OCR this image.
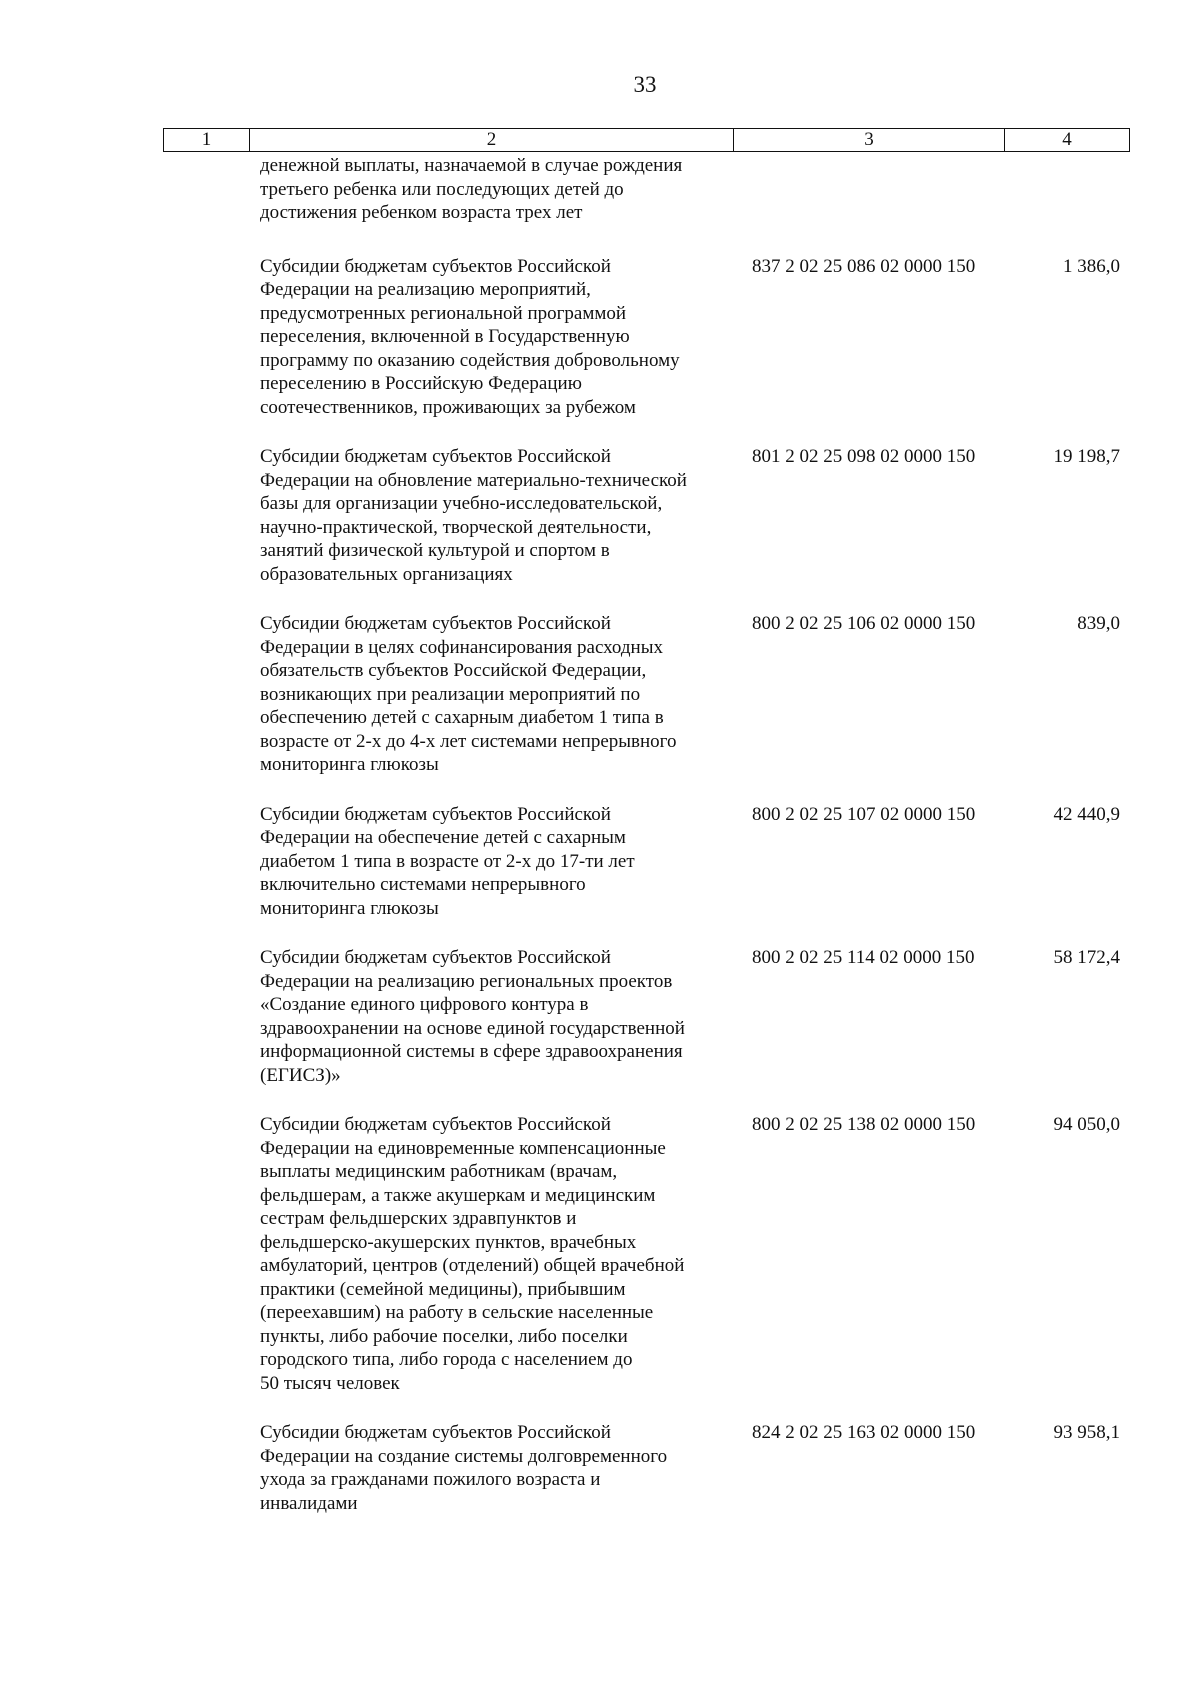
33
1	2	3	4
денежной выплаты, назначаемой в случае рождения
третьего ребенка или последующих детей до
достижения ребенком возраста трех лет
Субсидии бюджетам субъектов Российской
Федерации на реализацию мероприятий,
предусмотренных региональной программой
переселения, включенной в Государственную
программу по оказанию содействия добровольному
переселению в Российскую Федерацию
соотечественников, проживающих за рубежом
837 2 02 25 086 02 0000 150	1 386,0
Субсидии бюджетам субъектов Российской
Федерации на обновление материально-технической
базы для организации учебно-исследовательской,
научно-практической, творческой деятельности,
занятий физической культурой и спортом в
образовательных организациях
801 2 02 25 098 02 0000 150	19 198,7
Субсидии бюджетам субъектов Российской
Федерации в целях софинансирования расходных
обязательств субъектов Российской Федерации,
возникающих при реализации мероприятий по
обеспечению детей с сахарным диабетом 1 типа в
возрасте от 2-х до 4-х лет системами непрерывного
мониторинга глюкозы
800 2 02 25 106 02 0000 150	839,0
Субсидии бюджетам субъектов Российской
Федерации на обеспечение детей с сахарным
диабетом 1 типа в возрасте от 2-х до 17-ти лет
включительно системами непрерывного
мониторинга глюкозы
800 2 02 25 107 02 0000 150	42 440,9
Субсидии бюджетам субъектов Российской
Федерации на реализацию региональных проектов
«Создание единого цифрового контура в
здравоохранении на основе единой государственной
информационной системы в сфере здравоохранения
(ЕГИСЗ)»
800 2 02 25 114 02 0000 150	58 172,4
Субсидии бюджетам субъектов Российской
Федерации на единовременные компенсационные
выплаты медицинским работникам (врачам,
фельдшерам, а также акушеркам и медицинским
сестрам фельдшерских здравпунктов и
фельдшерско-акушерских пунктов, врачебных
амбулаторий, центров (отделений) общей врачебной
практики (семейной медицины), прибывшим
(переехавшим) на работу в сельские населенные
пункты, либо рабочие поселки, либо поселки
городского типа, либо города с населением до
50 тысяч человек
800 2 02 25 138 02 0000 150	94 050,0
Субсидии бюджетам субъектов Российской
Федерации на создание системы долговременного
ухода за гражданами пожилого возраста и
инвалидами
824 2 02 25 163 02 0000 150	93 958,1
